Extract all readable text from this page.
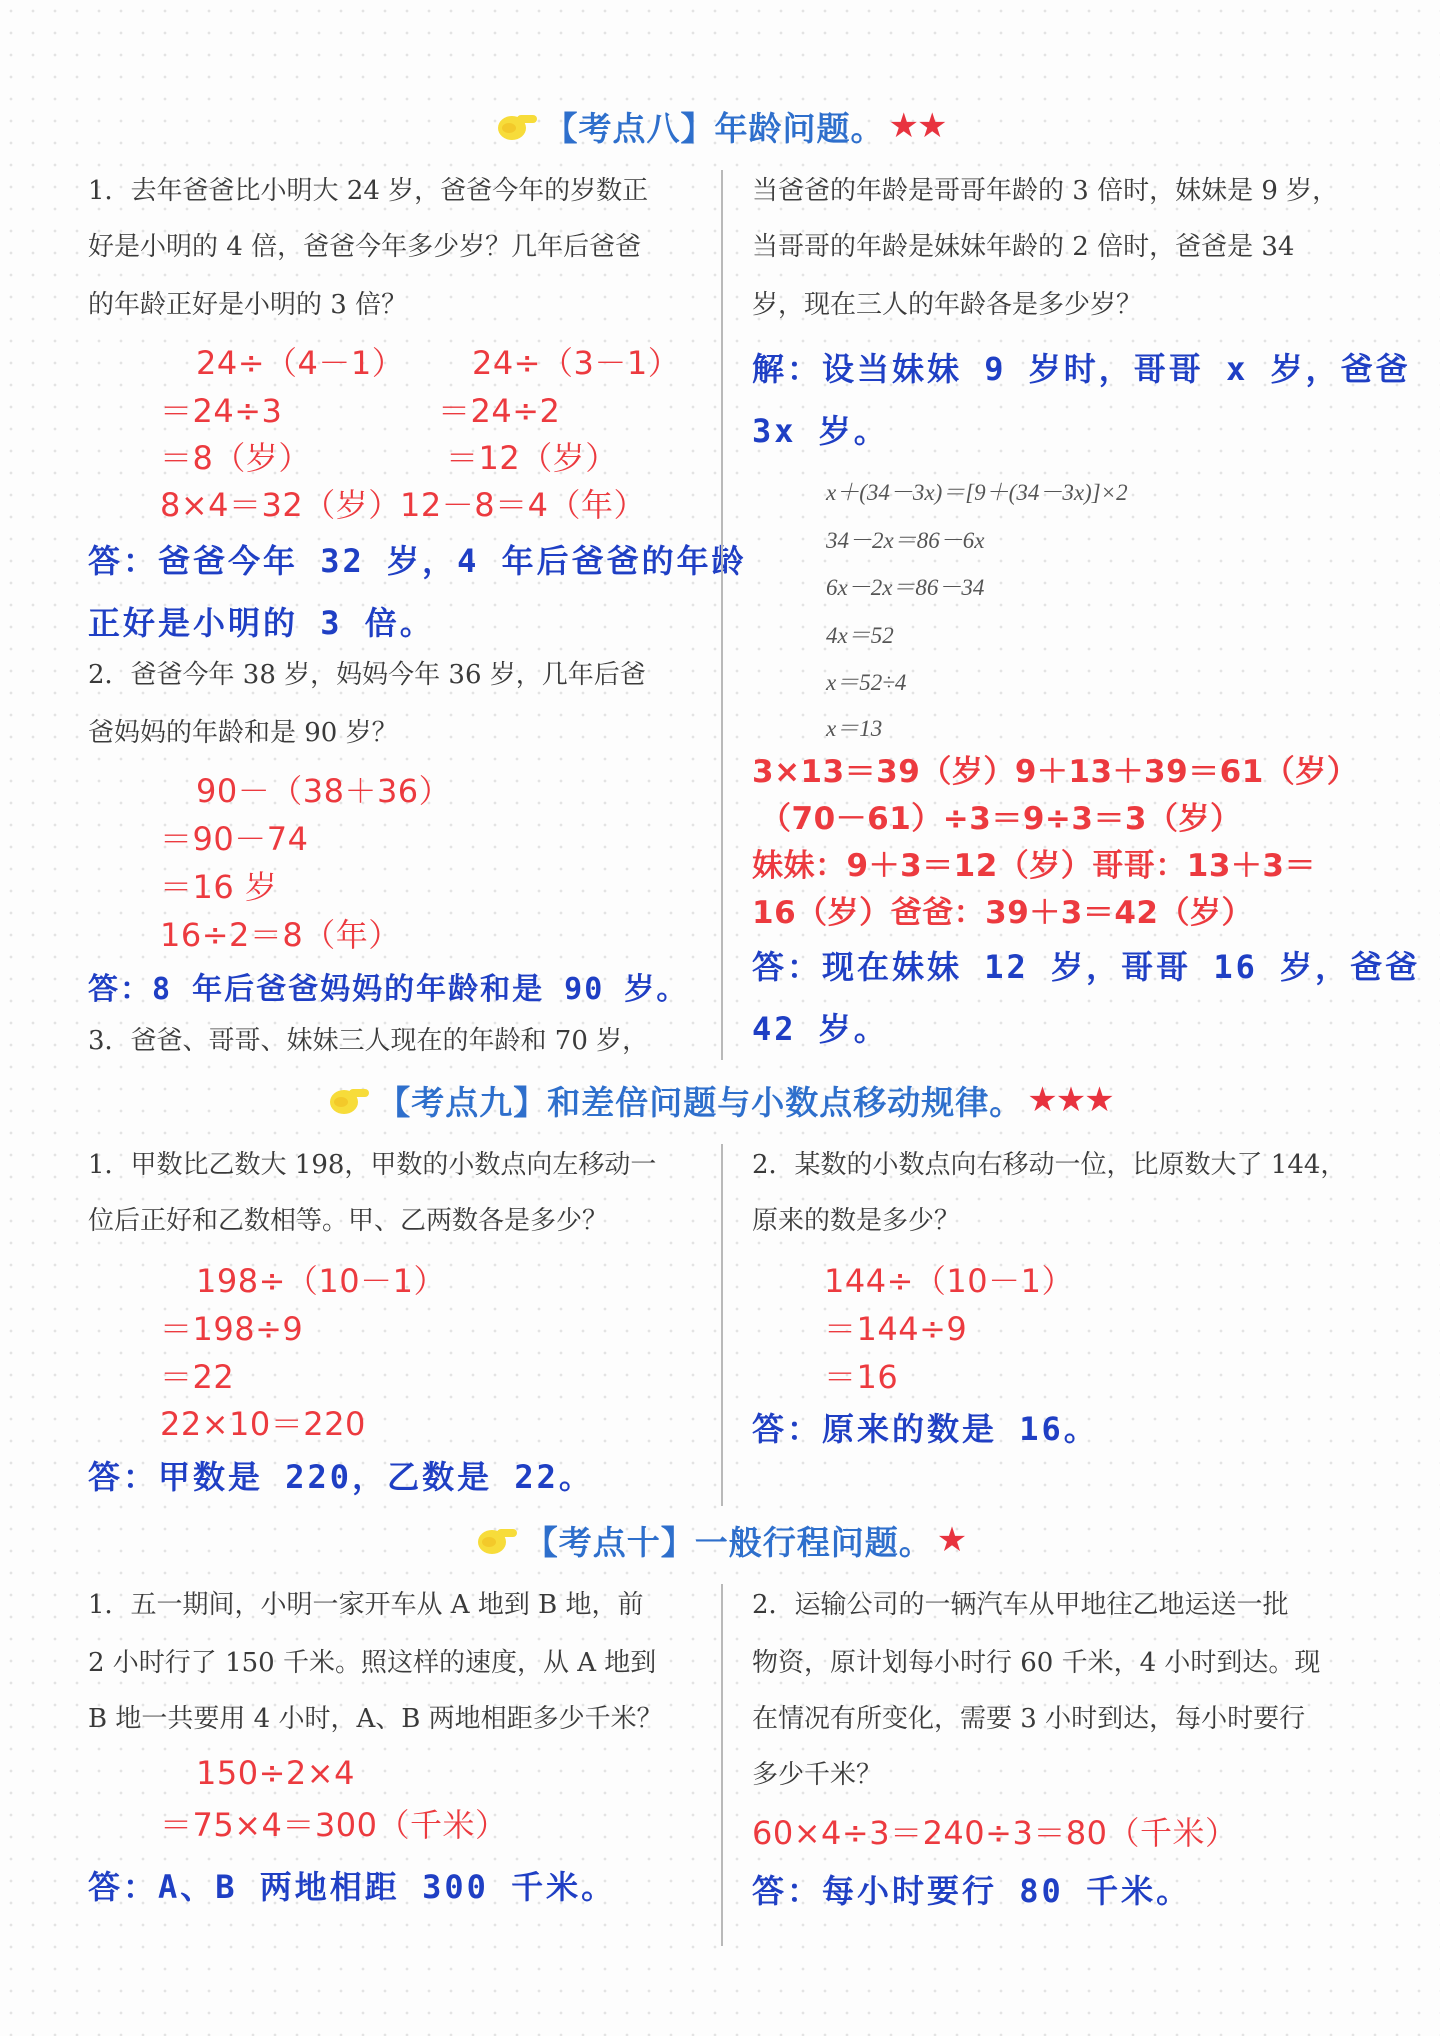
【考点八】年龄问题。 ★★
1．去年爸爸比小明大 24 岁，爸爸今年的岁数正
好是小明的 4 倍，爸爸今年多少岁？几年后爸爸
的年龄正好是小明的 3 倍？
24÷（4－1）
＝24÷3
＝8（岁）
8×4＝32（岁）
24÷（3－1）
＝24÷2
＝12（岁）
12－8＝4（年）
答：爸爸今年 32 岁，4 年后爸爸的年龄
正好是小明的 3 倍。
2．爸爸今年 38 岁，妈妈今年 36 岁，几年后爸
爸妈妈的年龄和是 90 岁？
90－（38＋36）
＝90－74
＝16 岁
16÷2＝8（年）
答：8 年后爸爸妈妈的年龄和是 90 岁。
3．爸爸、哥哥、妹妹三人现在的年龄和 70 岁，
当爸爸的年龄是哥哥年龄的 3 倍时，妹妹是 9 岁，
当哥哥的年龄是妹妹年龄的 2 倍时，爸爸是 34
岁，现在三人的年龄各是多少岁？
解：设当妹妹 9 岁时，哥哥 x 岁，爸爸
3x 岁。
x＋(34－3x)＝[9＋(34－3x)]×2
34－2x＝86－6x
6x－2x＝86－34
4x＝52
x＝52÷4
x＝13
3×13＝39（岁）9＋13＋39＝61（岁）
（70－61）÷3＝9÷3＝3（岁）
妹妹：9＋3＝12（岁）哥哥：13＋3＝
16（岁）爸爸：39＋3＝42（岁）
答：现在妹妹 12 岁，哥哥 16 岁，爸爸
42 岁。
【考点九】和差倍问题与小数点移动规律。 ★★★
1．甲数比乙数大 198，甲数的小数点向左移动一
位后正好和乙数相等。甲、乙两数各是多少？
198÷（10－1）
＝198÷9
＝22
22×10＝220
答：甲数是 220，乙数是 22。
2．某数的小数点向右移动一位，比原数大了 144，
原来的数是多少？
144÷（10－1）
＝144÷9
＝16
答：原来的数是 16。
【考点十】一般行程问题。 ★
1．五一期间，小明一家开车从 A 地到 B 地，前
2 小时行了 150 千米。照这样的速度，从 A 地到
B 地一共要用 4 小时，A、B 两地相距多少千米？
150÷2×4
＝75×4＝300（千米）
答：A、B 两地相距 300 千米。
2．运输公司的一辆汽车从甲地往乙地运送一批
物资，原计划每小时行 60 千米，4 小时到达。现
在情况有所变化，需要 3 小时到达，每小时要行
多少千米？
60×4÷3＝240÷3＝80（千米）
答：每小时要行 80 千米。
